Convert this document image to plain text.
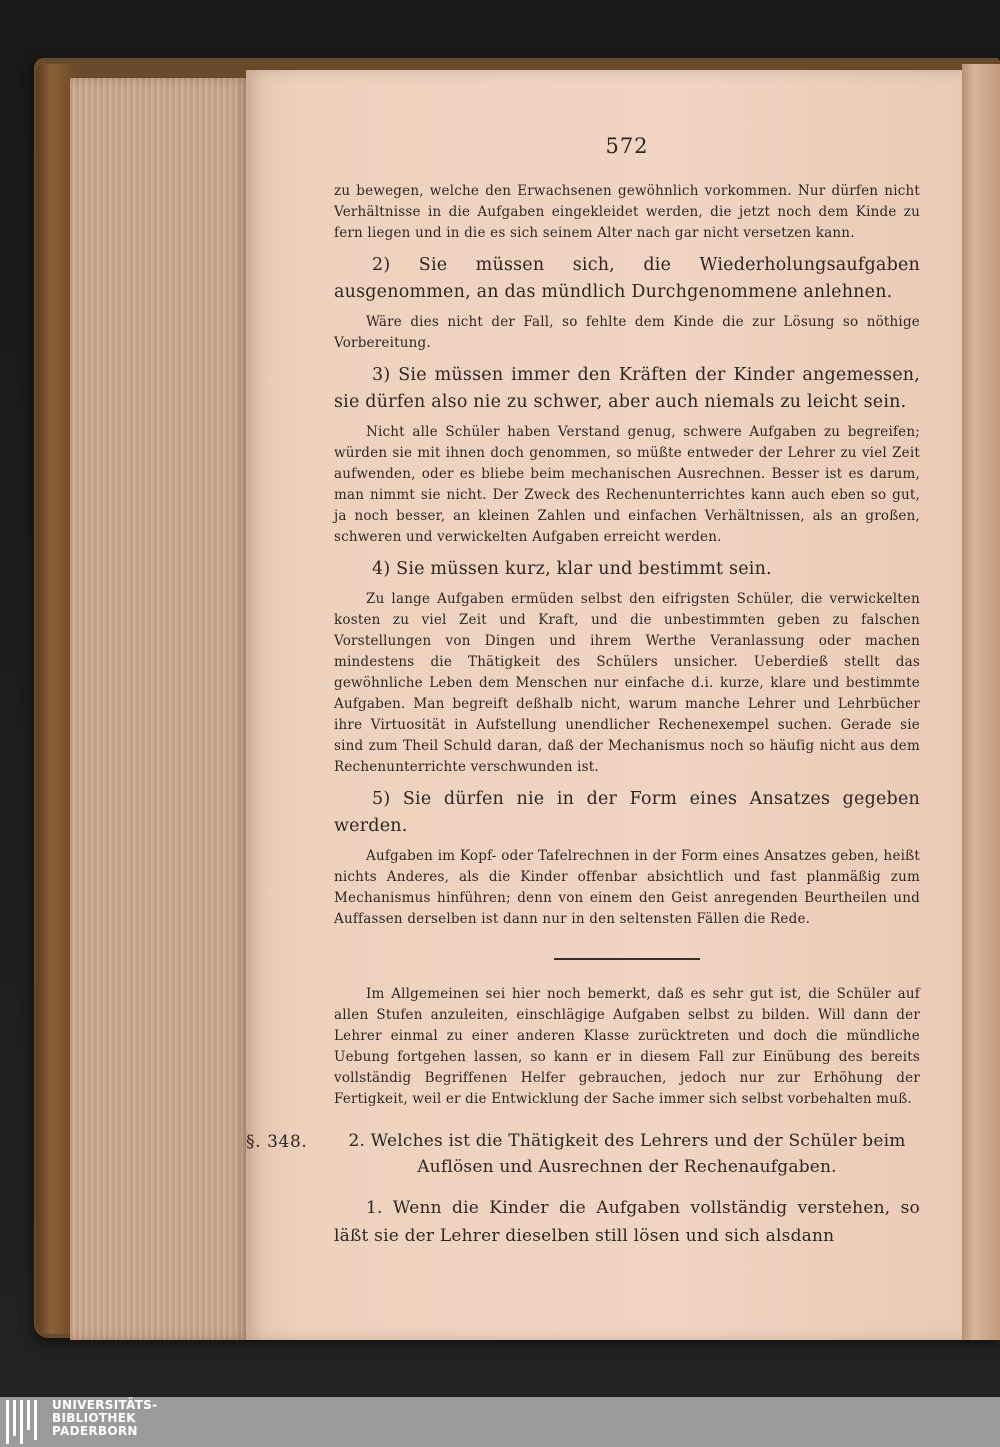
572

zu bewegen, welche den Erwachsenen gewöhnlich vorkommen. Nur dürfen nicht Verhältnisse in die Aufgaben eingekleidet werden, die jetzt noch dem Kinde zu fern liegen und in die es sich seinem Alter nach gar nicht versetzen kann.

2) Sie müssen sich, die Wiederholungsaufgaben ausgenommen, an das mündlich Durchgenommene anlehnen.

Wäre dies nicht der Fall, so fehlte dem Kinde die zur Lösung so nöthige Vorbereitung.

3) Sie müssen immer den Kräften der Kinder angemessen, sie dürfen also nie zu schwer, aber auch niemals zu leicht sein.

Nicht alle Schüler haben Verstand genug, schwere Aufgaben zu begreifen; würden sie mit ihnen doch genommen, so müßte entweder der Lehrer zu viel Zeit aufwenden, oder es bliebe beim mechanischen Ausrechnen. Besser ist es darum, man nimmt sie nicht. Der Zweck des Rechenunterrichtes kann auch eben so gut, ja noch besser, an kleinen Zahlen und einfachen Verhältnissen, als an großen, schweren und verwickelten Aufgaben erreicht werden.

4) Sie müssen kurz, klar und bestimmt sein.

Zu lange Aufgaben ermüden selbst den eifrigsten Schüler, die verwickelten kosten zu viel Zeit und Kraft, und die unbestimmten geben zu falschen Vorstellungen von Dingen und ihrem Werthe Veranlassung oder machen mindestens die Thätigkeit des Schülers unsicher. Ueberdieß stellt das gewöhnliche Leben dem Menschen nur einfache d.i. kurze, klare und bestimmte Aufgaben. Man begreift deßhalb nicht, warum manche Lehrer und Lehrbücher ihre Virtuosität in Aufstellung unendlicher Rechenexempel suchen. Gerade sie sind zum Theil Schuld daran, daß der Mechanismus noch so häufig nicht aus dem Rechenunterrichte verschwunden ist.

5) Sie dürfen nie in der Form eines Ansatzes gegeben werden.

Aufgaben im Kopf- oder Tafelrechnen in der Form eines Ansatzes geben, heißt nichts Anderes, als die Kinder offenbar absichtlich und fast planmäßig zum Mechanismus hinführen; denn von einem den Geist anregenden Beurtheilen und Auffassen derselben ist dann nur in den seltensten Fällen die Rede.

Im Allgemeinen sei hier noch bemerkt, daß es sehr gut ist, die Schüler auf allen Stufen anzuleiten, einschlägige Aufgaben selbst zu bilden. Will dann der Lehrer einmal zu einer anderen Klasse zurücktreten und doch die mündliche Uebung fortgehen lassen, so kann er in diesem Fall zur Einübung des bereits vollständig Begriffenen Helfer gebrauchen, jedoch nur zur Erhöhung der Fertigkeit, weil er die Entwicklung der Sache immer sich selbst vorbehalten muß.

§. 348.	2. Welches ist die Thätigkeit des Lehrers und der Schüler beim Auflösen und Ausrechnen der Rechenaufgaben.

1. Wenn die Kinder die Aufgaben vollständig verstehen, so läßt sie der Lehrer dieselben still lösen und sich alsdann

UNIVERSITÄTS-
BIBLIOTHEK
PADERBORN
